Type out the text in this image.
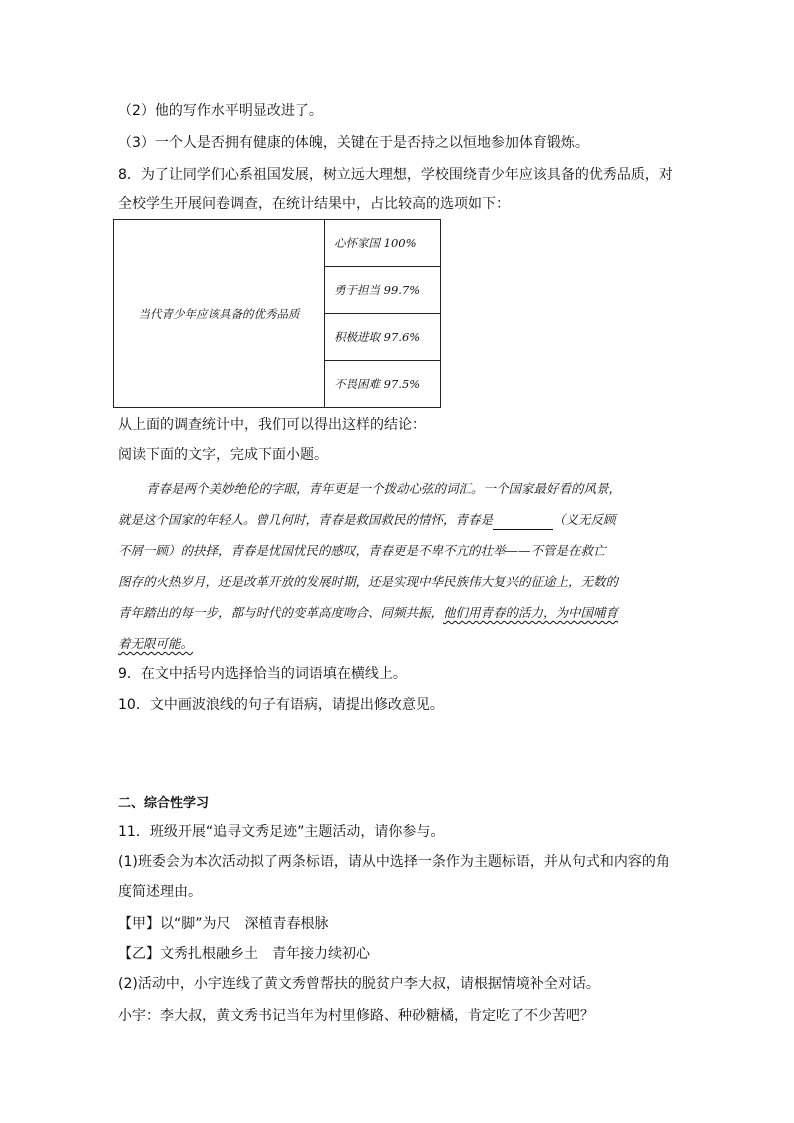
（2）他的写作水平明显改进了。
（3）一个人是否拥有健康的体魄，关键在于是否持之以恒地参加体育锻炼。
8．为了让同学们心系祖国发展，树立远大理想，学校围绕青少年应该具备的优秀品质，对
全校学生开展问卷调查，在统计结果中，占比较高的选项如下：
当代青少年应该具备的优秀品质	心怀家国 100%
勇于担当 99.7%
积极进取 97.6%
不畏困难 97.5%
从上面的调查统计中，我们可以得出这样的结论：
阅读下面的文字，完成下面小题。
青春是两个美妙绝伦的字眼，青年更是一个拨动心弦的词汇。一个国家最好看的风景，
就是这个国家的年轻人。曾几何时，青春是救国救民的情怀，青春是	（义无反顾
不屑一顾）的抉择，青春是忧国忧民的感叹，青春更是不卑不亢的壮举——不管是在救亡
图存的火热岁月，还是改革开放的发展时期，还是实现中华民族伟大复兴的征途上，无数的
青年踏出的每一步，都与时代的变革高度吻合、同频共振，他们用青春的活力，为中国哺育
着无限可能。
9．在文中括号内选择恰当的词语填在横线上。
10．文中画波浪线的句子有语病，请提出修改意见。
二、综合性学习
11．班级开展“追寻文秀足迹”主题活动，请你参与。
(1)班委会为本次活动拟了两条标语，请从中选择一条作为主题标语，并从句式和内容的角
度简述理由。
【甲】以“脚”为尺　深植青春根脉
【乙】文秀扎根融乡土　青年接力续初心
(2)活动中，小宇连线了黄文秀曾帮扶的脱贫户李大叔，请根据情境补全对话。
小宇：李大叔，黄文秀书记当年为村里修路、种砂糖橘，肯定吃了不少苦吧？
